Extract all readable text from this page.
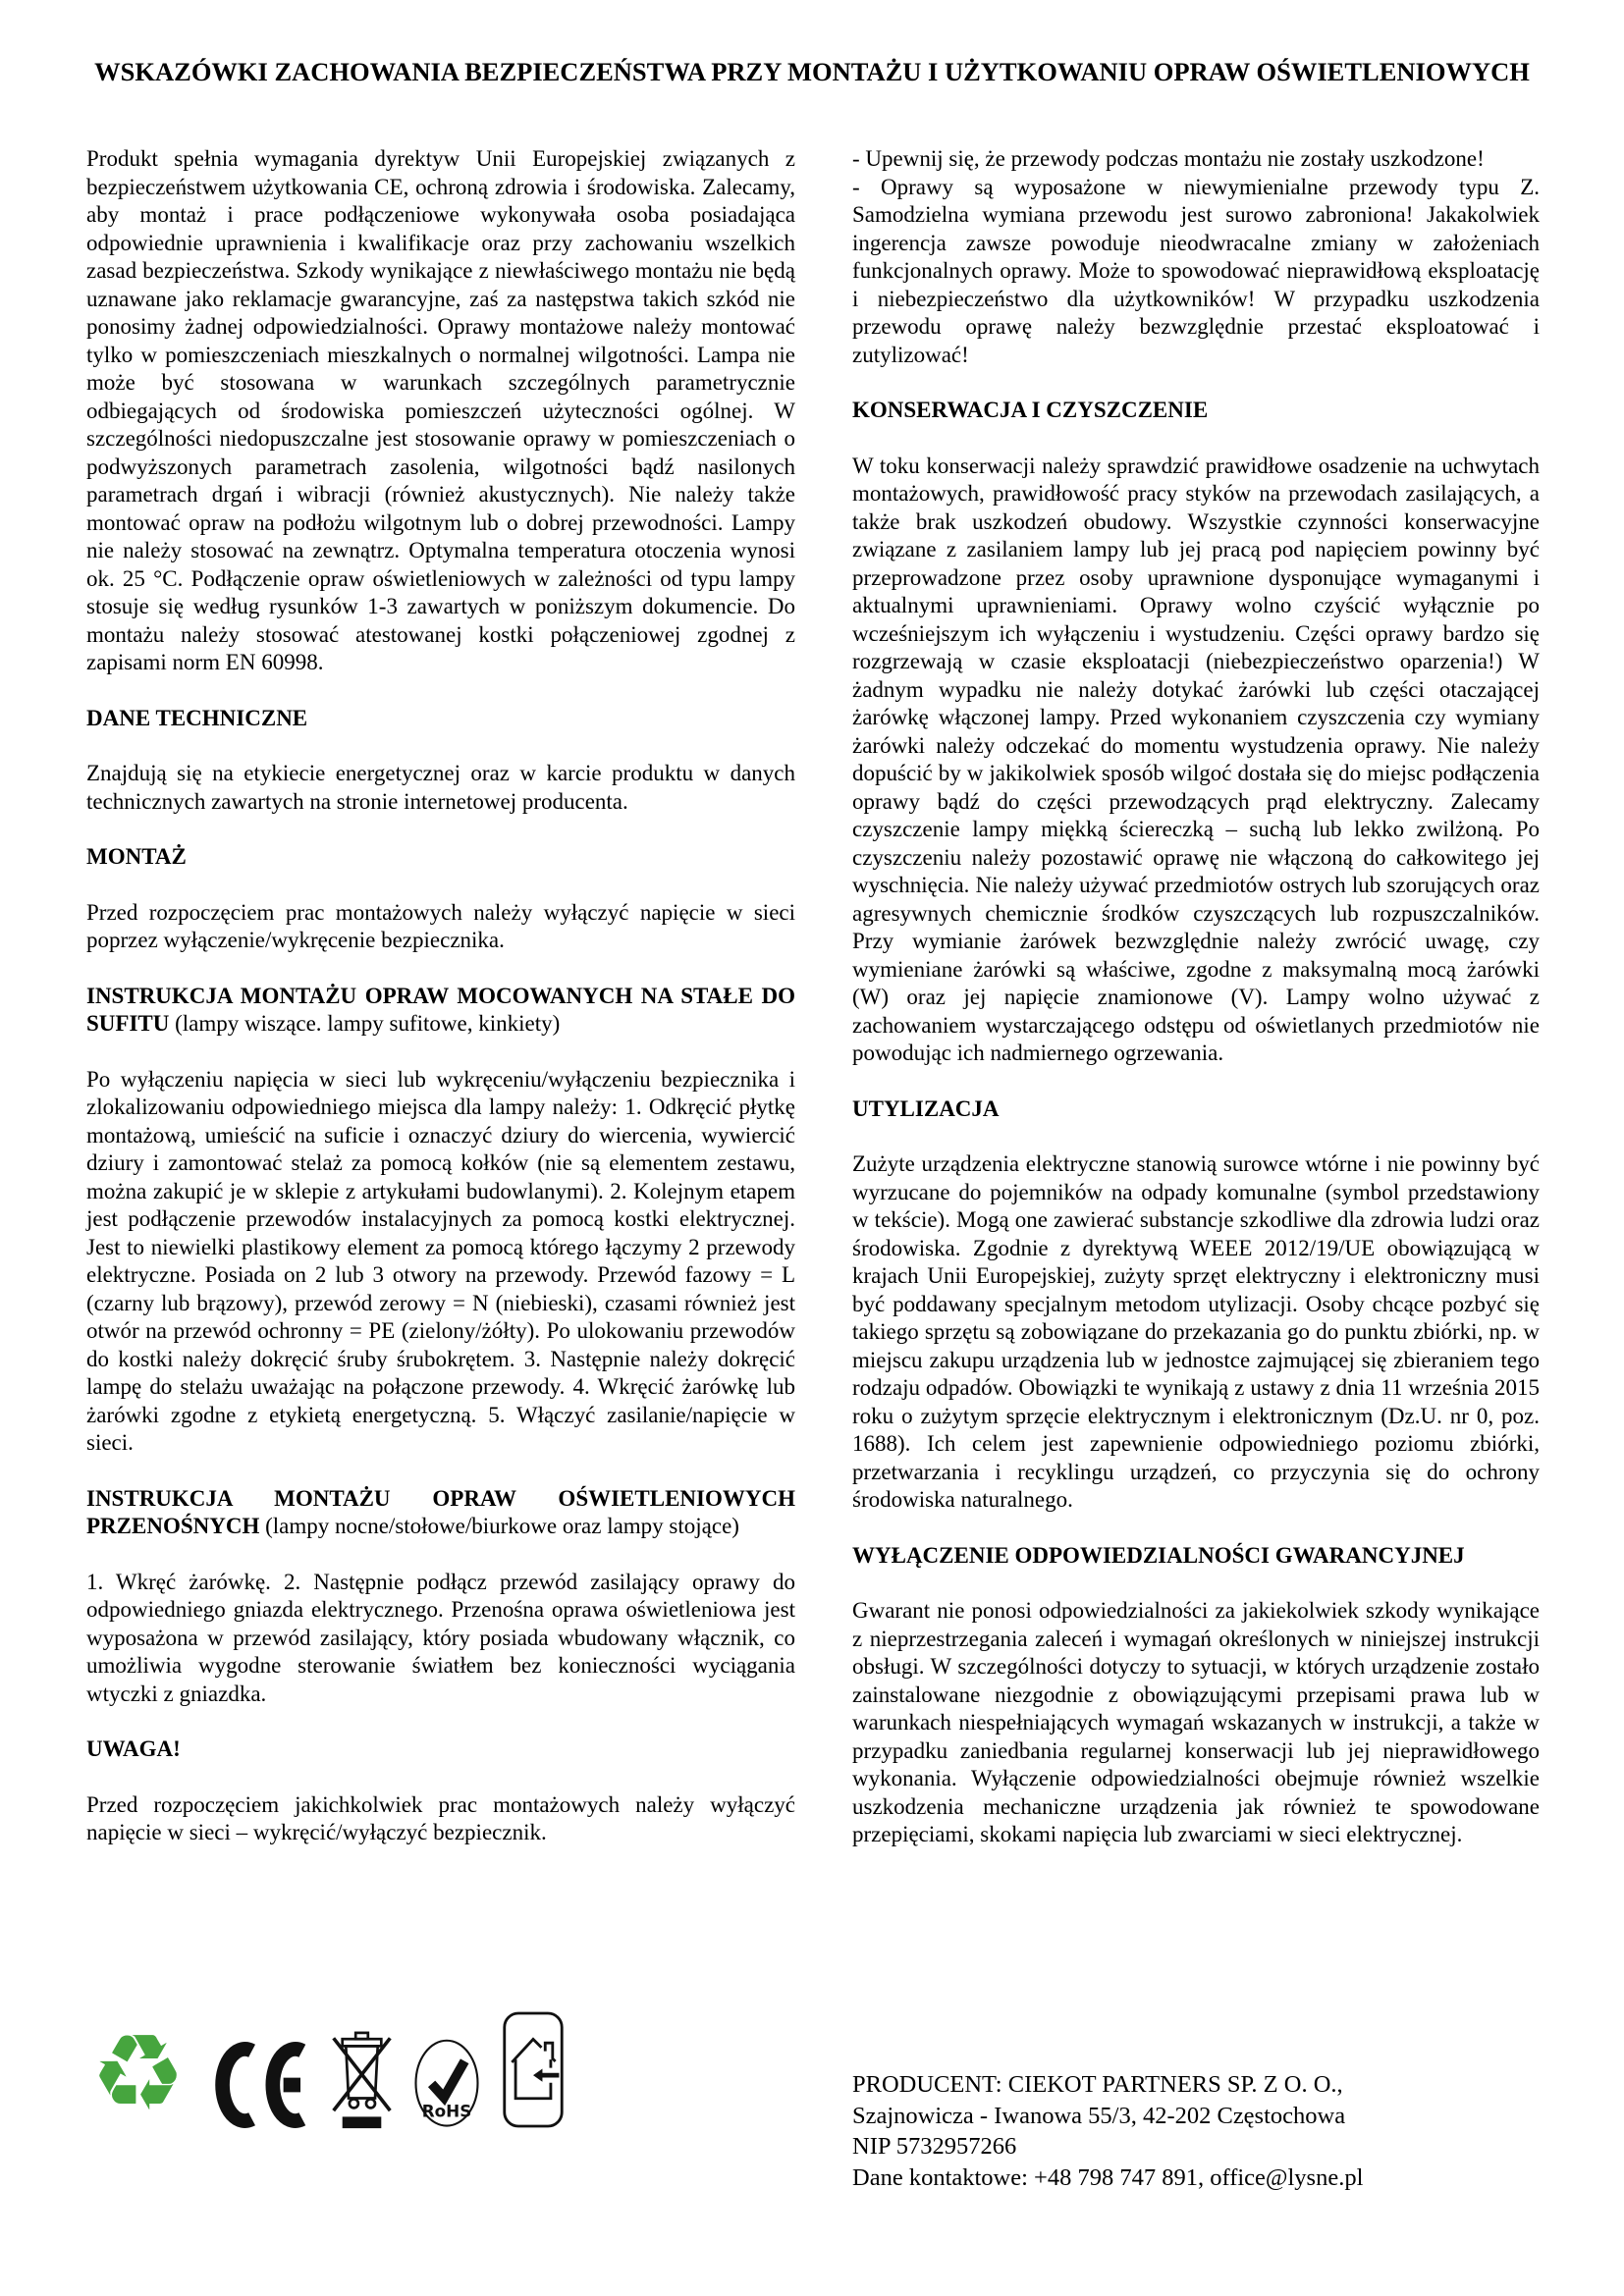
WSKAZÓWKI ZACHOWANIA BEZPIECZEŃSTWA PRZY MONTAŻU I UŻYTKOWANIU OPRAW OŚWIETLENIOWYCH

Produkt spełnia wymagania dyrektyw Unii Europejskiej związanych z bezpieczeństwem użytkowania CE, ochroną zdrowia i środowiska. Zalecamy, aby montaż i prace podłączeniowe wykonywała osoba posiadająca odpowiednie uprawnienia i kwalifikacje oraz przy zachowaniu wszelkich zasad bezpieczeństwa. Szkody wynikające z niewłaściwego montażu nie będą uznawane jako reklamacje gwarancyjne, zaś za następstwa takich szkód nie ponosimy żadnej odpowiedzialności. Oprawy montażowe należy montować tylko w pomieszczeniach mieszkalnych o normalnej wilgotności. Lampa nie może być stosowana w warunkach szczególnych parametrycznie odbiegających od środowiska pomieszczeń użyteczności ogólnej. W szczególności niedopuszczalne jest stosowanie oprawy w pomieszczeniach o podwyższonych parametrach zasolenia, wilgotności bądź nasilonych parametrach drgań i wibracji (również akustycznych). Nie należy także montować opraw na podłożu wilgotnym lub o dobrej przewodności. Lampy nie należy stosować na zewnątrz. Optymalna temperatura otoczenia wynosi ok. 25 °C. Podłączenie opraw oświetleniowych w zależności od typu lampy stosuje się według rysunków 1-3 zawartych w poniższym dokumencie. Do montażu należy stosować atestowanej kostki połączeniowej zgodnej z zapisami norm EN 60998.

DANE TECHNICZNE

Znajdują się na etykiecie energetycznej oraz w karcie produktu w danych technicznych zawartych na stronie internetowej producenta.

MONTAŻ

Przed rozpoczęciem prac montażowych należy wyłączyć napięcie w sieci poprzez wyłączenie/wykręcenie bezpiecznika.

INSTRUKCJA MONTAŻU OPRAW MOCOWANYCH NA STAŁE DO SUFITU (lampy wiszące. lampy sufitowe, kinkiety)

Po wyłączeniu napięcia w sieci lub wykręceniu/wyłączeniu bezpiecznika i zlokalizowaniu odpowiedniego miejsca dla lampy należy: 1. Odkręcić płytkę montażową, umieścić na suficie i oznaczyć dziury do wiercenia, wywiercić dziury i zamontować stelaż za pomocą kołków (nie są elementem zestawu, można zakupić je w sklepie z artykułami budowlanymi). 2. Kolejnym etapem jest podłączenie przewodów instalacyjnych za pomocą kostki elektrycznej. Jest to niewielki plastikowy element za pomocą którego łączymy 2 przewody elektryczne. Posiada on 2 lub 3 otwory na przewody. Przewód fazowy = L (czarny lub brązowy), przewód zerowy = N (niebieski), czasami również jest otwór na przewód ochronny = PE (zielony/żółty). Po ulokowaniu przewodów do kostki należy dokręcić śruby śrubokrętem. 3. Następnie należy dokręcić lampę do stelażu uważając na połączone przewody. 4. Wkręcić żarówkę lub żarówki zgodne z etykietą energetyczną. 5. Włączyć zasilanie/napięcie w sieci.

INSTRUKCJA MONTAŻU OPRAW OŚWIETLENIOWYCH PRZENOŚNYCH (lampy nocne/stołowe/biurkowe oraz lampy stojące)

1. Wkręć żarówkę. 2. Następnie podłącz przewód zasilający oprawy do odpowiedniego gniazda elektrycznego. Przenośna oprawa oświetleniowa jest wyposażona w przewód zasilający, który posiada wbudowany włącznik, co umożliwia wygodne sterowanie światłem bez konieczności wyciągania wtyczki z gniazdka.

UWAGA!

Przed rozpoczęciem jakichkolwiek prac montażowych należy wyłączyć napięcie w sieci – wykręcić/wyłączyć bezpiecznik.

- Upewnij się, że przewody podczas montażu nie zostały uszkodzone!

- Oprawy są wyposażone w niewymienialne przewody typu Z. Samodzielna wymiana przewodu jest surowo zabroniona! Jakakolwiek ingerencja zawsze powoduje nieodwracalne zmiany w założeniach funkcjonalnych oprawy. Może to spowodować nieprawidłową eksploatację i niebezpieczeństwo dla użytkowników! W przypadku uszkodzenia przewodu oprawę należy bezwzględnie przestać eksploatować i zutylizować!

KONSERWACJA I CZYSZCZENIE

W toku konserwacji należy sprawdzić prawidłowe osadzenie na uchwytach montażowych, prawidłowość pracy styków na przewodach zasilających, a także brak uszkodzeń obudowy. Wszystkie czynności konserwacyjne związane z zasilaniem lampy lub jej pracą pod napięciem powinny być przeprowadzone przez osoby uprawnione dysponujące wymaganymi i aktualnymi uprawnieniami. Oprawy wolno czyścić wyłącznie po wcześniejszym ich wyłączeniu i wystudzeniu. Części oprawy bardzo się rozgrzewają w czasie eksploatacji (niebezpieczeństwo oparzenia!) W żadnym wypadku nie należy dotykać żarówki lub części otaczającej żarówkę włączonej lampy. Przed wykonaniem czyszczenia czy wymiany żarówki należy odczekać do momentu wystudzenia oprawy. Nie należy dopuścić by w jakikolwiek sposób wilgoć dostała się do miejsc podłączenia oprawy bądź do części przewodzących prąd elektryczny. Zalecamy czyszczenie lampy miękką ściereczką – suchą lub lekko zwilżoną. Po czyszczeniu należy pozostawić oprawę nie włączoną do całkowitego jej wyschnięcia. Nie należy używać przedmiotów ostrych lub szorujących oraz agresywnych chemicznie środków czyszczących lub rozpuszczalników. Przy wymianie żarówek bezwzględnie należy zwrócić uwagę, czy wymieniane żarówki są właściwe, zgodne z maksymalną mocą żarówki (W) oraz jej napięcie znamionowe (V). Lampy wolno używać z zachowaniem wystarczającego odstępu od oświetlanych przedmiotów nie powodując ich nadmiernego ogrzewania.

UTYLIZACJA

Zużyte urządzenia elektryczne stanowią surowce wtórne i nie powinny być wyrzucane do pojemników na odpady komunalne (symbol przedstawiony w tekście). Mogą one zawierać substancje szkodliwe dla zdrowia ludzi oraz środowiska. Zgodnie z dyrektywą WEEE 2012/19/UE obowiązującą w krajach Unii Europejskiej, zużyty sprzęt elektryczny i elektroniczny musi być poddawany specjalnym metodom utylizacji. Osoby chcące pozbyć się takiego sprzętu są zobowiązane do przekazania go do punktu zbiórki, np. w miejscu zakupu urządzenia lub w jednostce zajmującej się zbieraniem tego rodzaju odpadów. Obowiązki te wynikają z ustawy z dnia 11 września 2015 roku o zużytym sprzęcie elektrycznym i elektronicznym (Dz.U. nr 0, poz. 1688). Ich celem jest zapewnienie odpowiedniego poziomu zbiórki, przetwarzania i recyklingu urządzeń, co przyczynia się do ochrony środowiska naturalnego.

WYŁĄCZENIE ODPOWIEDZIALNOŚCI GWARANCYJNEJ

Gwarant nie ponosi odpowiedzialności za jakiekolwiek szkody wynikające z nieprzestrzegania zaleceń i wymagań określonych w niniejszej instrukcji obsługi. W szczególności dotyczy to sytuacji, w których urządzenie zostało zainstalowane niezgodnie z obowiązującymi przepisami prawa lub w warunkach niespełniających wymagań wskazanych w instrukcji, a także w przypadku zaniedbania regularnej konserwacji lub jej nieprawidłowego wykonania. Wyłączenie odpowiedzialności obejmuje również wszelkie uszkodzenia mechaniczne urządzenia jak również te spowodowane przepięciami, skokami napięcia lub zwarciami w sieci elektrycznej.

♻	RoHS
PRODUCENT: CIEKOT PARTNERS SP. Z O. O.,
Szajnowicza - Iwanowa 55/3, 42-202 Częstochowa
NIP 5732957266
Dane kontaktowe: +48 798 747 891, office@lysne.pl
